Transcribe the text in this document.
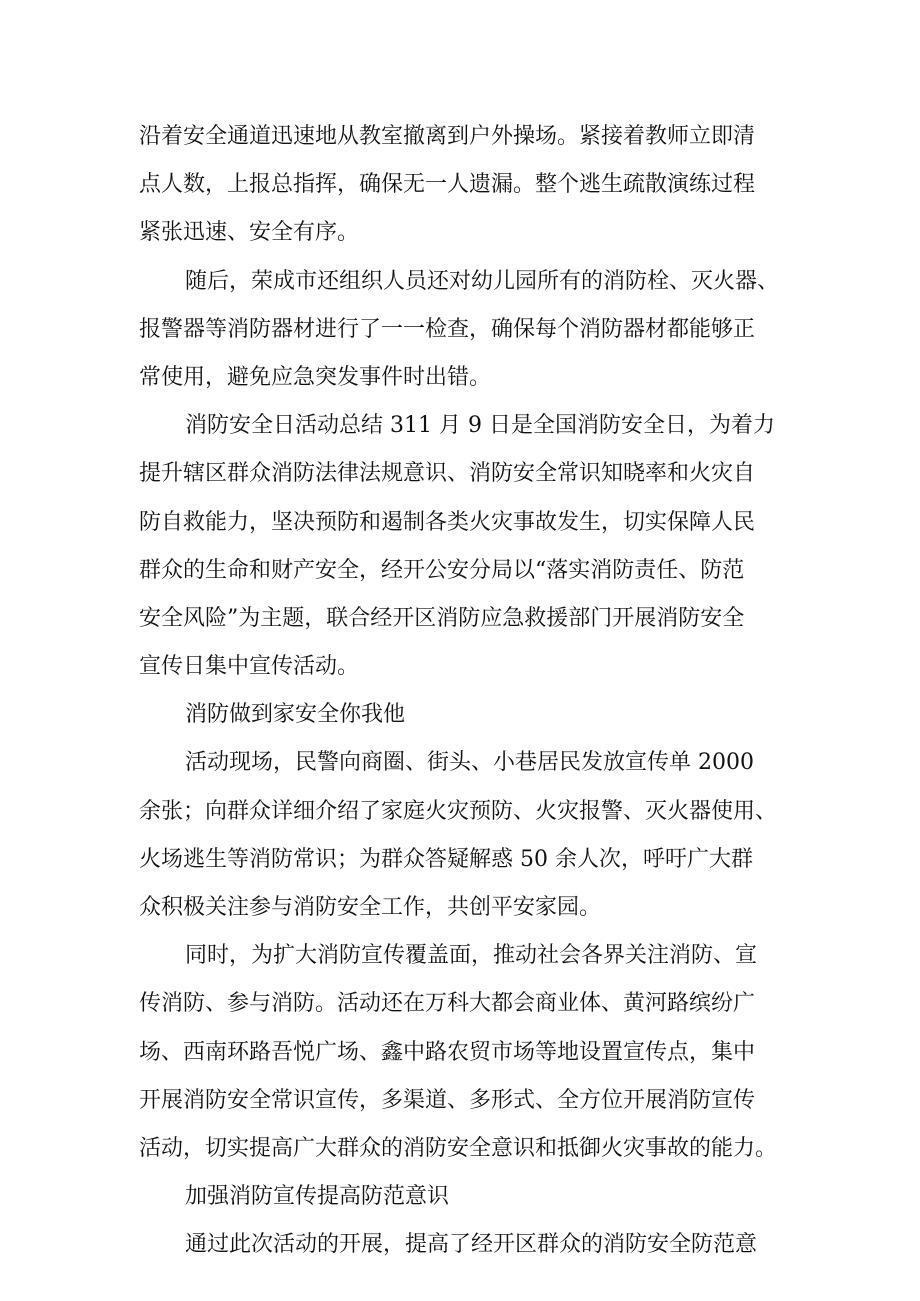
沿着安全通道迅速地从教室撤离到户外操场。紧接着教师立即清
点人数，上报总指挥，确保无一人遗漏。整个逃生疏散演练过程
紧张迅速、安全有序。
随后，荣成市还组织人员还对幼儿园所有的消防栓、灭火器、
报警器等消防器材进行了一一检查，确保每个消防器材都能够正
常使用，避免应急突发事件时出错。
消防安全日活动总结 311 月 9 日是全国消防安全日，为着力
提升辖区群众消防法律法规意识、消防安全常识知晓率和火灾自
防自救能力，坚决预防和遏制各类火灾事故发生，切实保障人民
群众的生命和财产安全，经开公安分局以“落实消防责任、防范
安全风险”为主题，联合经开区消防应急救援部门开展消防安全
宣传日集中宣传活动。
消防做到家安全你我他
活动现场，民警向商圈、街头、小巷居民发放宣传单 2000
余张；向群众详细介绍了家庭火灾预防、火灾报警、灭火器使用、
火场逃生等消防常识；为群众答疑解惑 50 余人次，呼吁广大群
众积极关注参与消防安全工作，共创平安家园。
同时，为扩大消防宣传覆盖面，推动社会各界关注消防、宣
传消防、参与消防。活动还在万科大都会商业体、黄河路缤纷广
场、西南环路吾悦广场、鑫中路农贸市场等地设置宣传点，集中
开展消防安全常识宣传，多渠道、多形式、全方位开展消防宣传
活动，切实提高广大群众的消防安全意识和抵御火灾事故的能力。
加强消防宣传提高防范意识
通过此次活动的开展，提高了经开区群众的消防安全防范意
